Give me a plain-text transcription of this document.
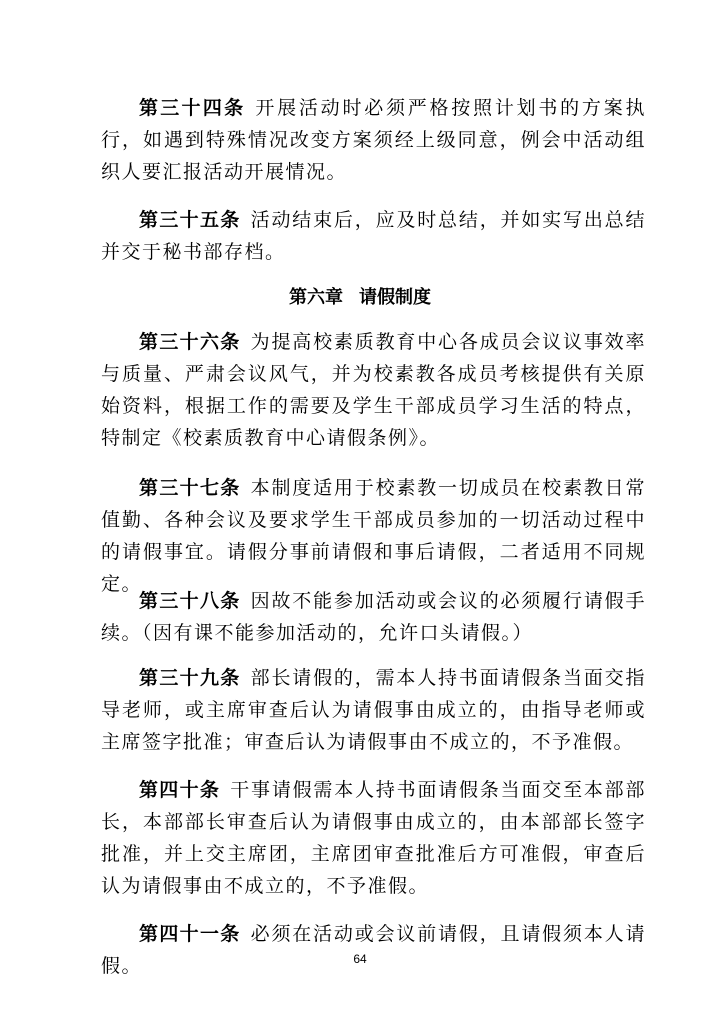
第三十四条 开展活动时必须严格按照计划书的方案执行，如遇到特殊情况改变方案须经上级同意，例会中活动组织人要汇报活动开展情况。

第三十五条 活动结束后，应及时总结，并如实写出总结并交于秘书部存档。

第六章 请假制度

第三十六条 为提高校素质教育中心各成员会议议事效率与质量、严肃会议风气，并为校素教各成员考核提供有关原始资料，根据工作的需要及学生干部成员学习生活的特点，特制定《校素质教育中心请假条例》。

第三十七条 本制度适用于校素教一切成员在校素教日常值勤、各种会议及要求学生干部成员参加的一切活动过程中的请假事宜。请假分事前请假和事后请假，二者适用不同规定。

第三十八条 因故不能参加活动或会议的必须履行请假手续。（因有课不能参加活动的，允许口头请假。）

第三十九条 部长请假的，需本人持书面请假条当面交指导老师，或主席审查后认为请假事由成立的，由指导老师或主席签字批准；审查后认为请假事由不成立的，不予准假。

第四十条 干事请假需本人持书面请假条当面交至本部部长，本部部长审查后认为请假事由成立的，由本部部长签字批准，并上交主席团，主席团审查批准后方可准假，审查后认为请假事由不成立的，不予准假。

第四十一条 必须在活动或会议前请假，且请假须本人请假。	64
